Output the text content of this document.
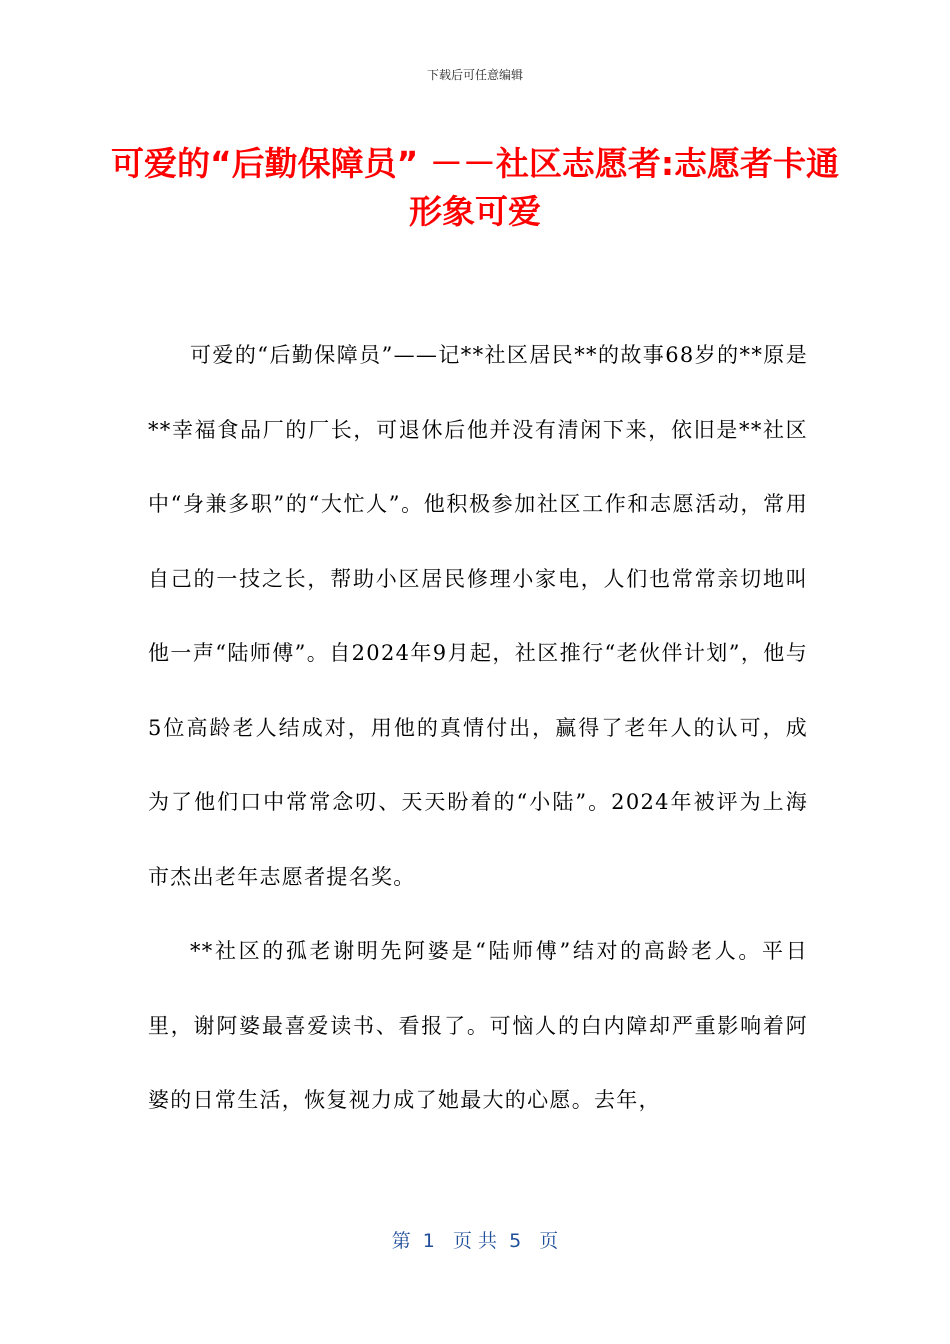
下载后可任意编辑
可爱的“后勤保障员” －－社区志愿者:志愿者卡通形象可爱

可爱的“后勤保障员”——记**社区居民**的故事68岁的**原是**幸福食品厂的厂长，可退休后他并没有清闲下来，依旧是**社区中“身兼多职”的“大忙人”。他积极参加社区工作和志愿活动，常用自己的一技之长，帮助小区居民修理小家电，人们也常常亲切地叫他一声“陆师傅”。自2024年9月起，社区推行“老伙伴计划”，他与5位高龄老人结成对，用他的真情付出，赢得了老年人的认可，成为了他们口中常常念叨、天天盼着的“小陆”。2024年被评为上海市杰出老年志愿者提名奖。

**社区的孤老谢明先阿婆是“陆师傅”结对的高龄老人。平日里，谢阿婆最喜爱读书、看报了。可恼人的白内障却严重影响着阿婆的日常生活，恢复视力成了她最大的心愿。去年，

第  1   页 共  5   页
